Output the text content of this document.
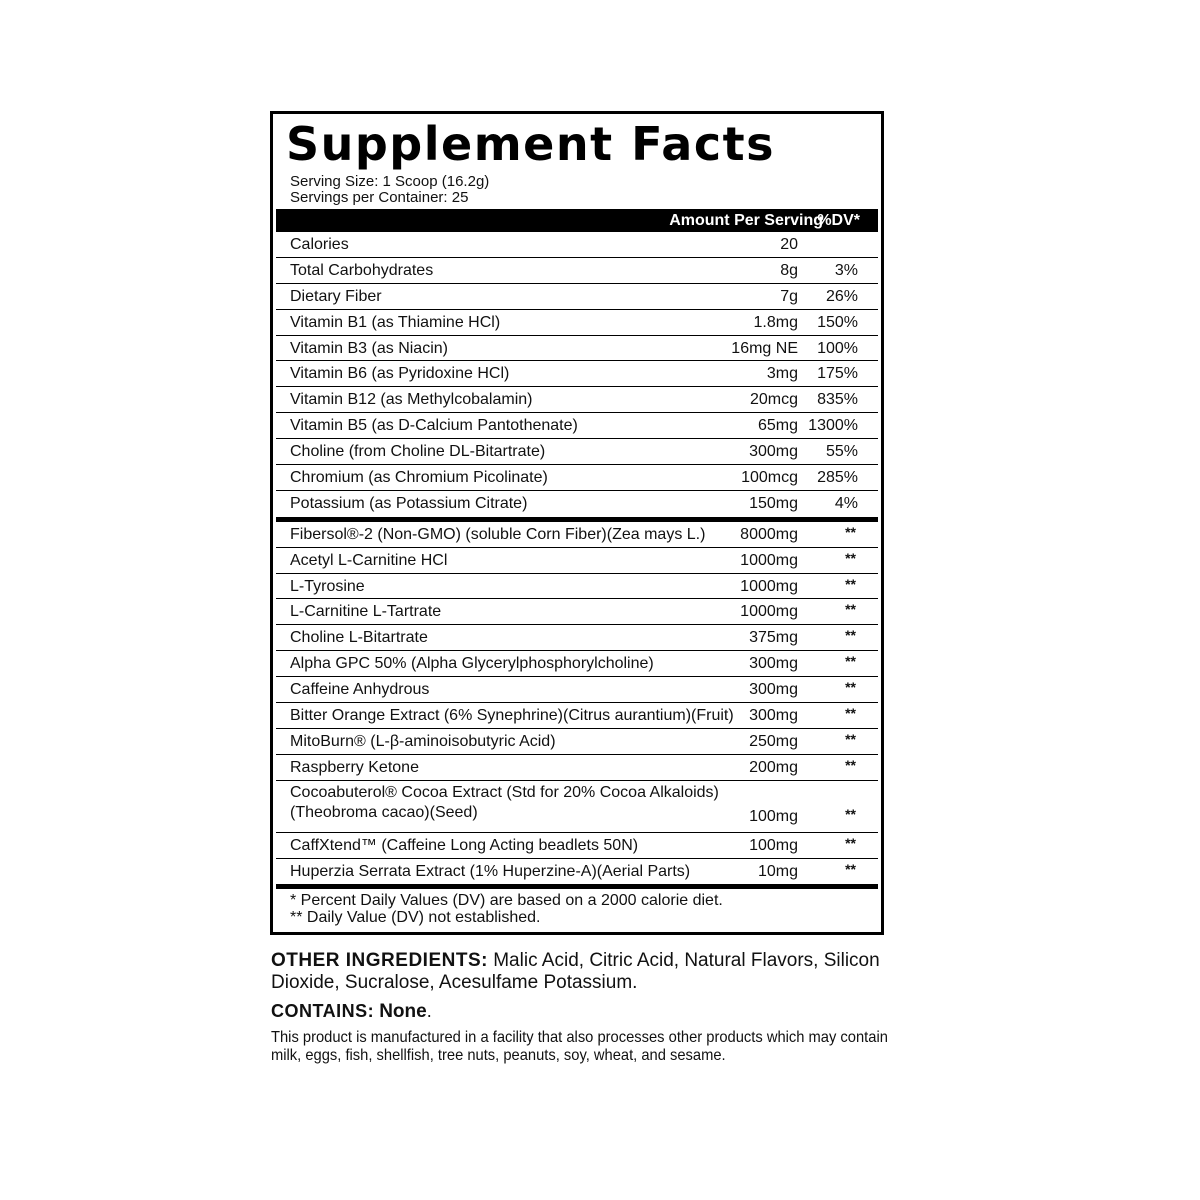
Supplement Facts
Serving Size: 1 Scoop (16.2g)
Servings per Container: 25
Amount Per Serving
%DV*
Calories	20
Total Carbohydrates	8g 3%
Dietary Fiber	7g 26%
Vitamin B1 (as Thiamine HCl)	1.8mg 150%
Vitamin B3 (as Niacin)	16mg NE 100%
Vitamin B6 (as Pyridoxine HCl)	3mg 175%
Vitamin B12 (as Methylcobalamin)	20mcg 835%
Vitamin B5 (as D-Calcium Pantothenate)	65mg 1300%
Choline (from Choline DL-Bitartrate)	300mg 55%
Chromium (as Chromium Picolinate)	100mcg 285%
Potassium (as Potassium Citrate)	150mg 4%
Fibersol®-2 (Non-GMO) (soluble Corn Fiber)(Zea mays L.) 8000mg	**
Acetyl L-Carnitine HCl	1000mg	**
L-Tyrosine	1000mg	**
L-Carnitine L-Tartrate	1000mg	**
Choline L-Bitartrate	375mg	**
Alpha GPC 50% (Alpha Glycerylphosphorylcholine)	300mg	**
Caffeine Anhydrous	300mg	**
Bitter Orange Extract (6% Synephrine)(Citrus aurantium)(Fruit) 300mg	**
MitoBurn® (L-β-aminoisobutyric Acid)	250mg	**
Raspberry Ketone	200mg	**
Cocoabuterol® Cocoa Extract (Std for 20% Cocoa Alkaloids)(Theobroma cacao)(Seed)	100mg	**
CaffXtend™ (Caffeine Long Acting beadlets 50N)	100mg	**
Huperzia Serrata Extract (1% Huperzine-A)(Aerial Parts)	10mg	**
* Percent Daily Values (DV) are based on a 2000 calorie diet.
** Daily Value (DV) not established.
OTHER INGREDIENTS: Malic Acid, Citric Acid, Natural Flavors, Silicon Dioxide, Sucralose, Acesulfame Potassium.
CONTAINS: None.
This product is manufactured in a facility that also processes other products which may contain milk, eggs, fish, shellfish, tree nuts, peanuts, soy, wheat, and sesame.
